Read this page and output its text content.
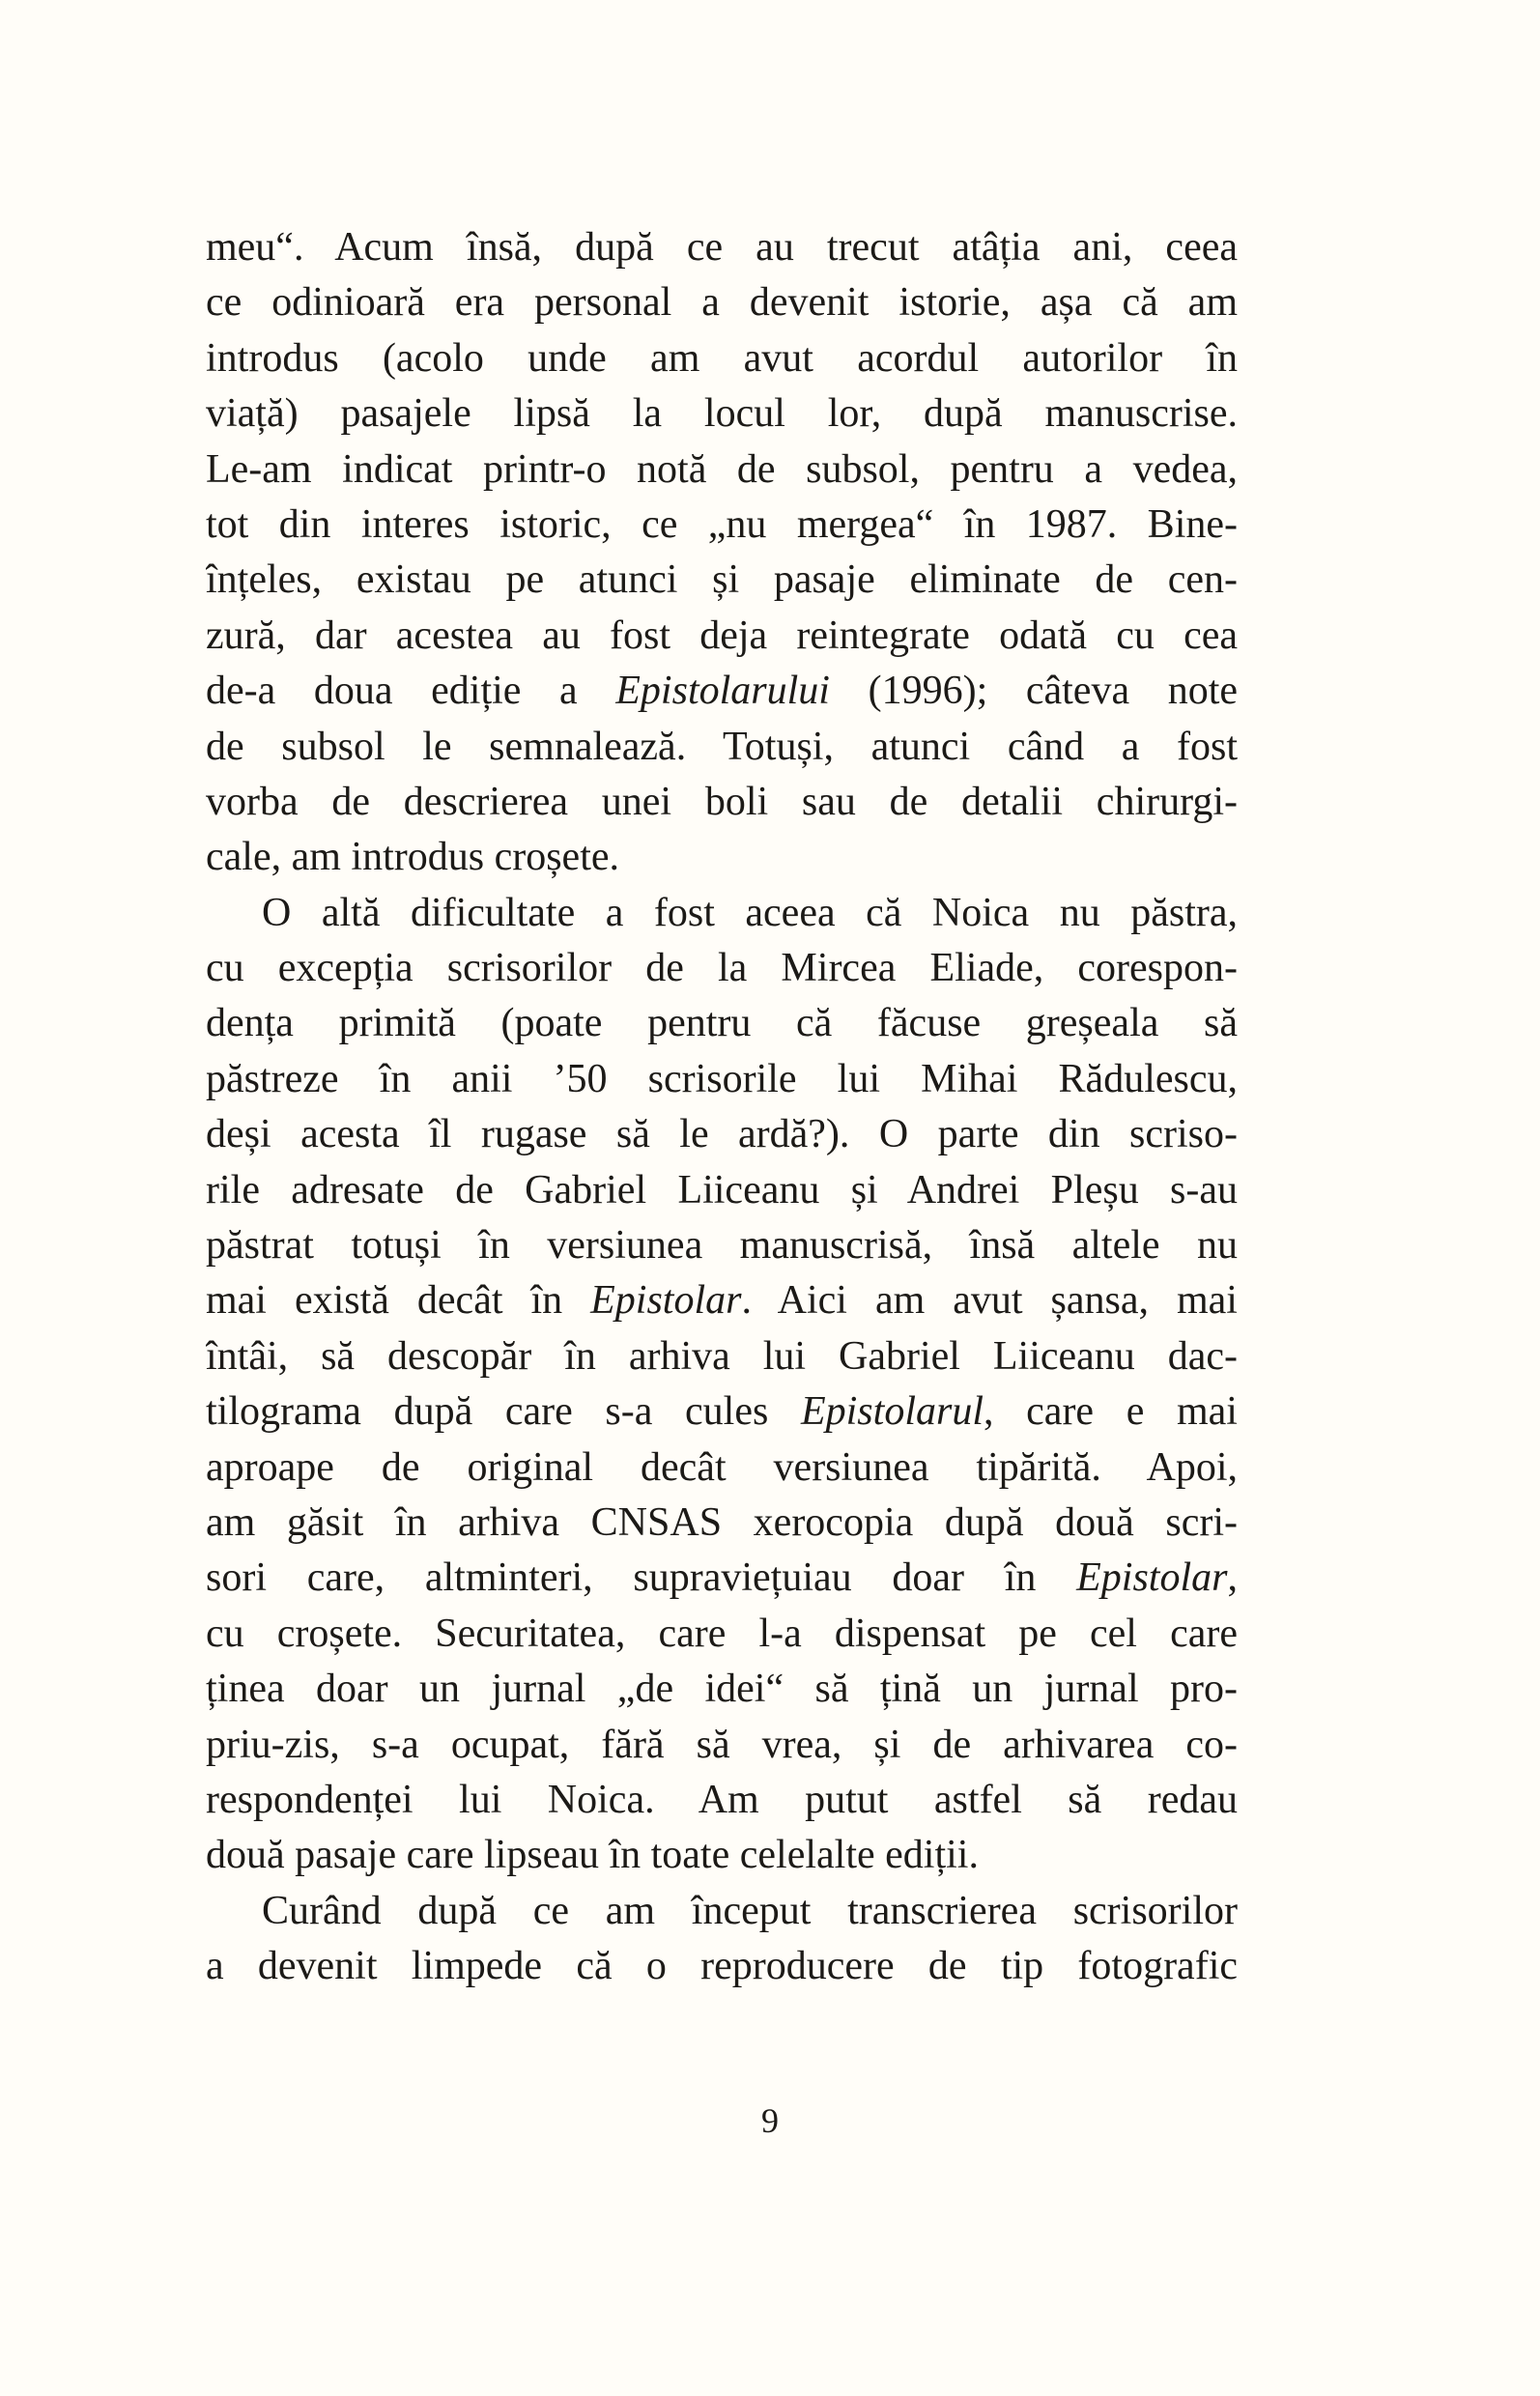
meu“. Acum însă, după ce au trecut atâția ani, ceea
ce odinioară era personal a devenit istorie, așa că am
introdus (acolo unde am avut acordul autorilor în
viață) pasajele lipsă la locul lor, după manuscrise.
Le-am indicat printr-o notă de subsol, pentru a vedea,
tot din interes istoric, ce „nu mergea“ în 1987. Bine-
înțeles, existau pe atunci și pasaje eliminate de cen-
zură, dar acestea au fost deja reintegrate odată cu cea
de-a doua ediție a Epistolarului (1996); câteva note
de subsol le semnalează. Totuși, atunci când a fost
vorba de descrierea unei boli sau de detalii chirurgi-
cale, am introdus croșete.
O altă dificultate a fost aceea că Noica nu păstra,
cu excepția scrisorilor de la Mircea Eliade, corespon-
dența primită (poate pentru că făcuse greșeala să
păstreze în anii ’50 scrisorile lui Mihai Rădulescu,
deși acesta îl rugase să le ardă?). O parte din scriso-
rile adresate de Gabriel Liiceanu și Andrei Pleșu s-au
păstrat totuși în versiunea manuscrisă, însă altele nu
mai există decât în Epistolar. Aici am avut șansa, mai
întâi, să descopăr în arhiva lui Gabriel Liiceanu dac-
tilograma după care s-a cules Epistolarul, care e mai
aproape de original decât versiunea tipărită. Apoi,
am găsit în arhiva CNSAS xerocopia după două scri-
sori care, altminteri, supraviețuiau doar în Epistolar,
cu croșete. Securitatea, care l-a dispensat pe cel care
ținea doar un jurnal „de idei“ să țină un jurnal pro-
priu-zis, s-a ocupat, fără să vrea, și de arhivarea co-
respondenței lui Noica. Am putut astfel să redau
două pasaje care lipseau în toate celelalte ediții.
Curând după ce am început transcrierea scrisorilor
a devenit limpede că o reproducere de tip fotografic
9
